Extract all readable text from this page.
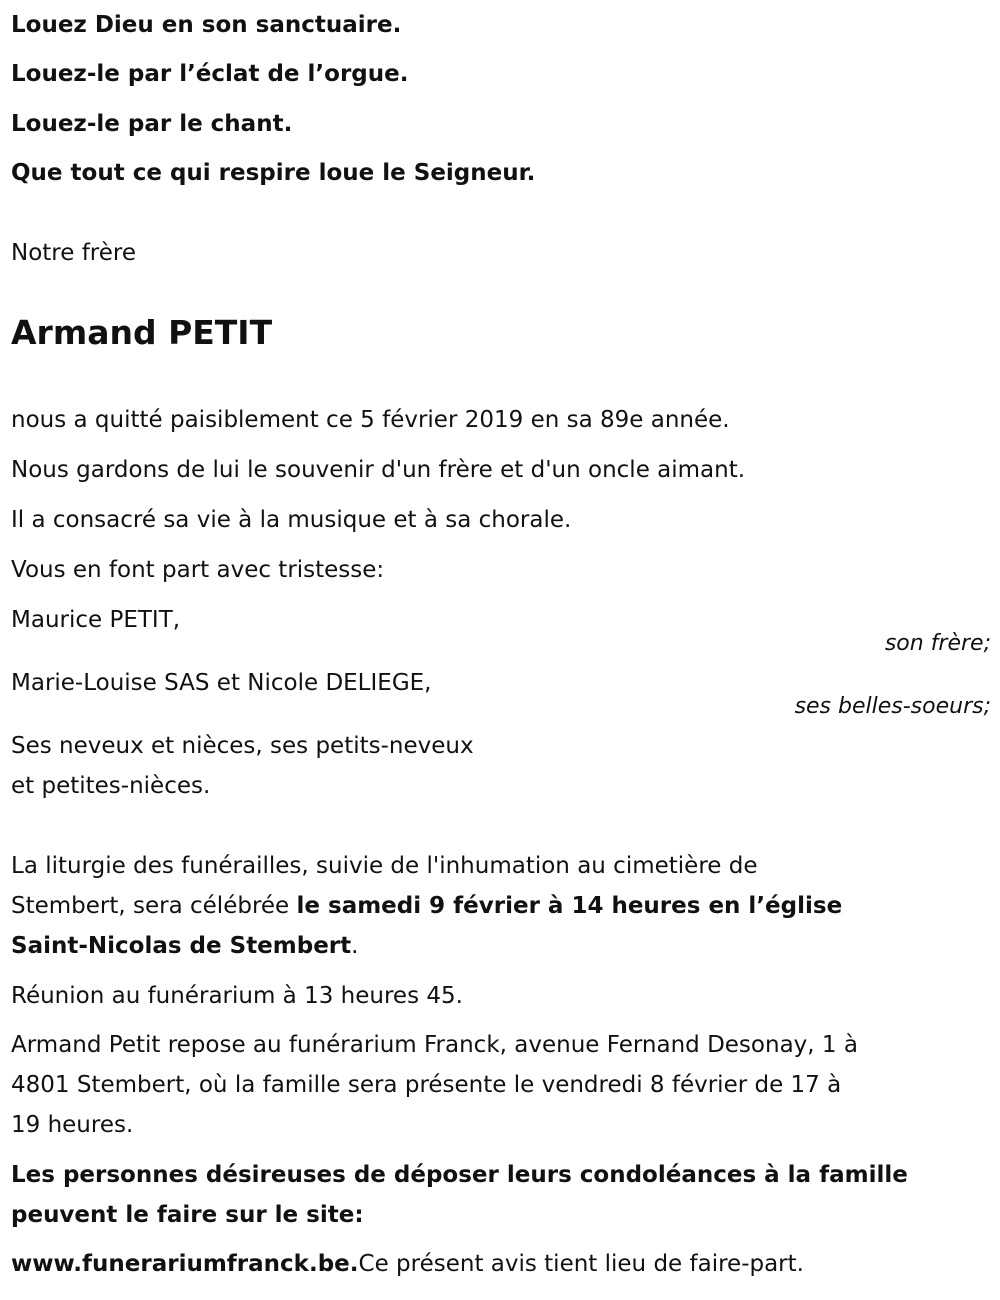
Louez Dieu en son sanctuaire.
Louez-le par l’éclat de l’orgue.
Louez-le par le chant.
Que tout ce qui respire loue le Seigneur.
Notre frère
Armand PETIT
nous a quitté paisiblement ce 5 février 2019 en sa 89e année.
Nous gardons de lui le souvenir d'un frère et d'un oncle aimant.
Il a consacré sa vie à la musique et à sa chorale.
Vous en font part avec tristesse:
Maurice PETIT,
son frère;
Marie-Louise SAS et Nicole DELIEGE,
ses belles-soeurs;
Ses neveux et nièces, ses petits-neveux
et petites-nièces.
La liturgie des funérailles, suivie de l'inhumation au cimetière de
Stembert, sera célébrée le samedi 9 février à 14 heures en l’église
Saint-Nicolas de Stembert.
Réunion au funérarium à 13 heures 45.
Armand Petit repose au funérarium Franck, avenue Fernand Desonay, 1 à
4801 Stembert, où la famille sera présente le vendredi 8 février de 17 à
19 heures.
Les personnes désireuses de déposer leurs condoléances à la famille
peuvent le faire sur le site:
www.funerariumfranck.be.Ce présent avis tient lieu de faire-part.
